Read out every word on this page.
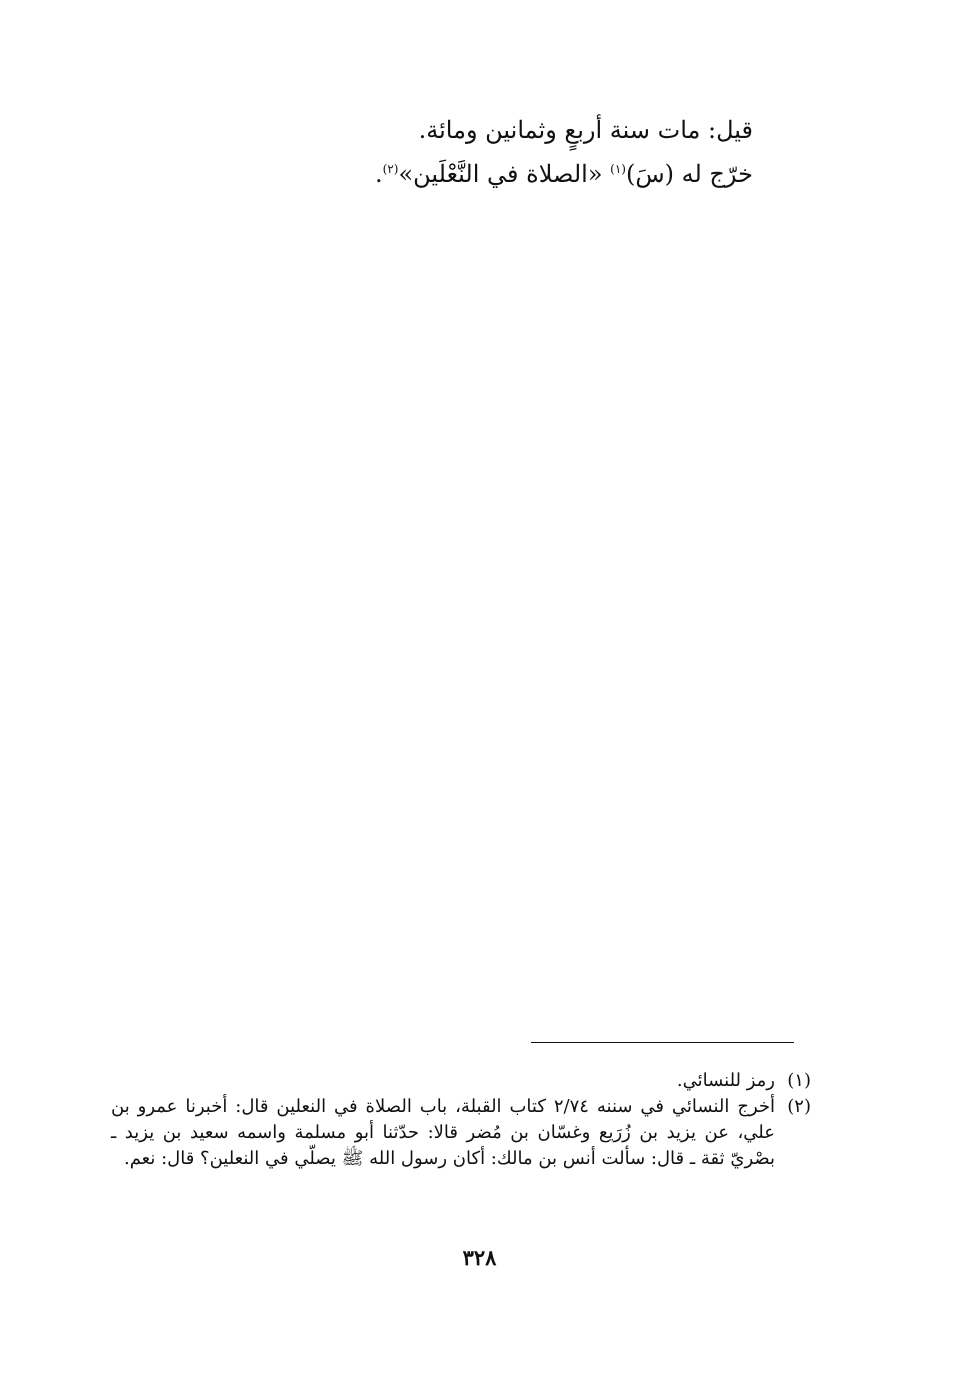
قيل: مات سنة أربعٍ وثمانين ومائة.
خرّج له (سَ)$^{(١)}$ «الصلاة في النَّعْلَين»$^{(٢)}$.
(١)
رمز للنسائي.
(٢)
أخرج النسائي في سننه ٢/٧٤ كتاب القبلة، باب الصلاة في النعلين قال: أخبرنا عمرو بن علي، عن يزيد بن زُرَيع وغسّان بن مُضر قالا: حدّثنا أبو مسلمة واسمه سعيد بن يزيد ـ بصْريّ ثقة ـ قال: سألت أنس بن مالك: أكان رسول الله ﷺ يصلّي في النعلين؟ قال: نعم.
٣٢٨
